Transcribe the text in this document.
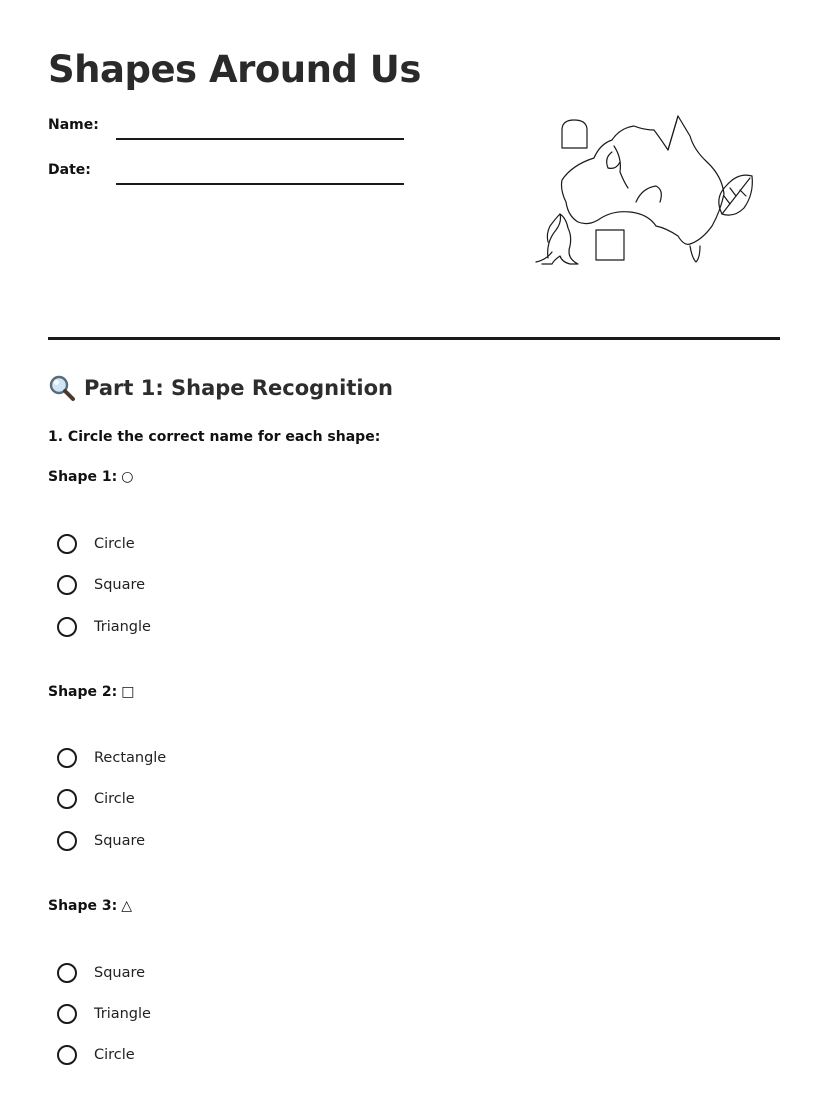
Shapes Around Us
Name:
Date:
Part 1: Shape Recognition
1. Circle the correct name for each shape:
Shape 1: ○
Circle
Square
Triangle
Shape 2: □
Rectangle
Circle
Square
Shape 3: △
Square
Triangle
Circle
